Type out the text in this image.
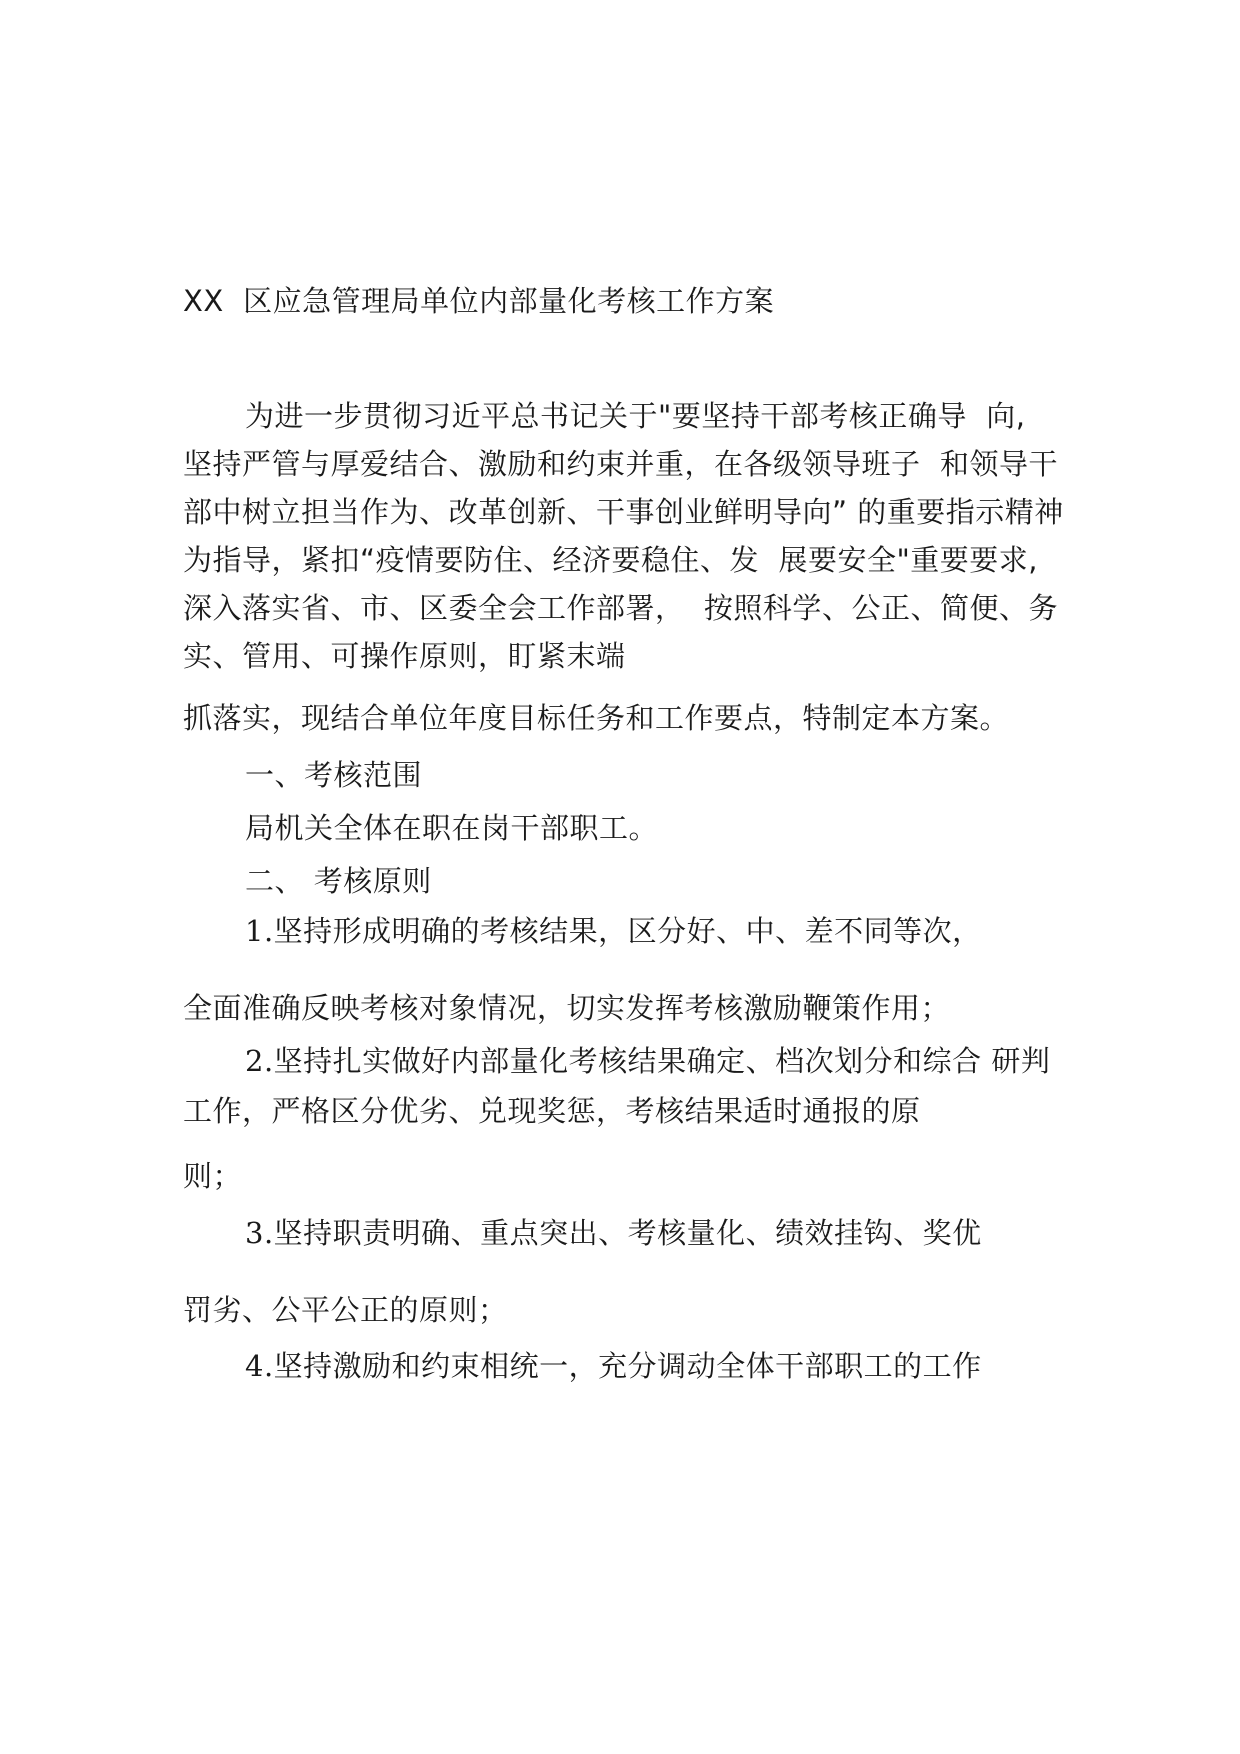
XX  区应急管理局单位内部量化考核工作方案
为进一步贯彻习近平总书记关于"要坚持干部考核正确导  向,
坚持严管与厚爱结合、激励和约束并重，在各级领导班子  和领导干
部中树立担当作为、改革创新、干事创业鲜明导向” 的重要指示精神
为指导，紧扣“疫情要防住、经济要稳住、发  展要安全"重要要求,
深入落实省、市、区委全会工作部署，  按照科学、公正、简便、务
实、管用、可操作原则，盯紧末端
抓落实，现结合单位年度目标任务和工作要点，特制定本方案。
一、考核范围
局机关全体在职在岗干部职工。
二、 考核原则
1.坚持形成明确的考核结果，区分好、中、差不同等次，
全面准确反映考核对象情况，切实发挥考核激励鞭策作用；
2.坚持扎实做好内部量化考核结果确定、档次划分和综合 研判
工作，严格区分优劣、兑现奖惩，考核结果适时通报的原
则；
3.坚持职责明确、重点突出、考核量化、绩效挂钩、奖优
罚劣、公平公正的原则；
4.坚持激励和约束相统一，充分调动全体干部职工的工作
